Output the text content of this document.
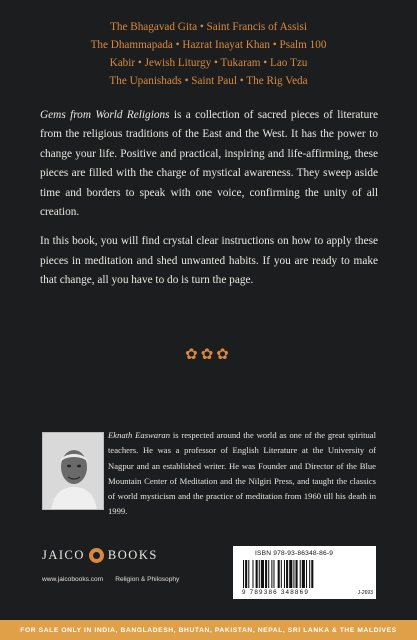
The Bhagavad Gita • Saint Francis of Assisi
The Dhammapada • Hazrat Inayat Khan • Psalm 100
Kabir • Jewish Liturgy • Tukaram • Lao Tzu
The Upanishads • Saint Paul • The Rig Veda

Gems from World Religions is a collection of sacred pieces of literature from the religious traditions of the East and the West. It has the power to change your life. Positive and practical, inspiring and life-affirming, these pieces are filled with the charge of mystical awareness. They sweep aside time and borders to speak with one voice, confirming the unity of all creation.

In this book, you will find crystal clear instructions on how to apply these pieces in meditation and shed unwanted habits. If you are ready to make that change, all you have to do is turn the page.

✿✿✿
Eknath Easwaran is respected around the world as one of the great spiritual teachers. He was a professor of English Literature at the University of Nagpur and an established writer. He was Founder and Director of the Blue Mountain Center of Meditation and the Nilgiri Press, and taught the classics of world mysticism and the practice of meditation from 1960 till his death in 1999.
JAICO BOOKS
www.jaicobooks.com Religion & Philosophy
ISBN 978-93-86348-86-9
9 789386 348869	J-2693
FOR SALE ONLY IN INDIA, BANGLADESH, BHUTAN, PAKISTAN, NEPAL, SRI LANKA & THE MALDIVES
